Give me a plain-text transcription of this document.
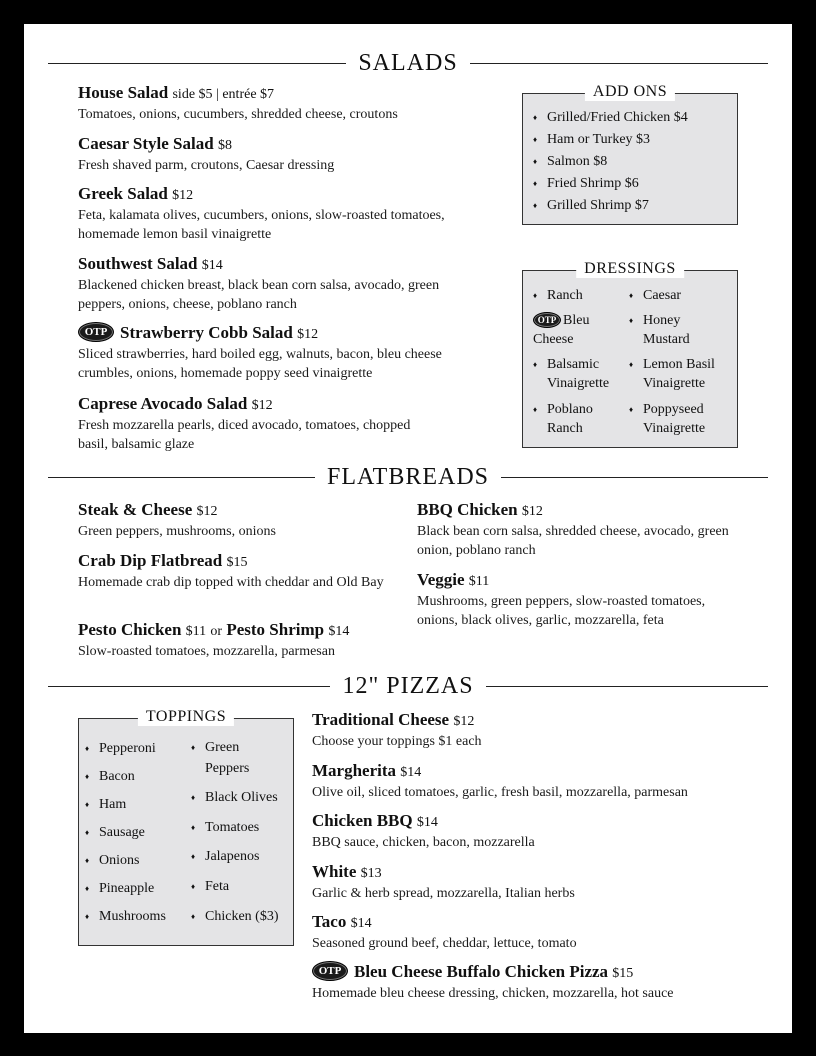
SALADS
House Salad side $5 | entrée $7
Tomatoes, onions, cucumbers, shredded cheese, croutons
Caesar Style Salad $8
Fresh shaved parm, croutons, Caesar dressing
Greek Salad $12
Feta, kalamata olives, cucumbers, onions, slow-roasted tomatoes, homemade lemon basil vinaigrette
Southwest Salad $14
Blackened chicken breast, black bean corn salsa, avocado, green peppers, onions, cheese, poblano ranch
OTP Strawberry Cobb Salad $12
Sliced strawberries, hard boiled egg, walnuts, bacon, bleu cheese crumbles, onions, homemade poppy seed vinaigrette
Caprese Avocado Salad $12
Fresh mozzarella pearls, diced avocado, tomatoes, chopped basil, balsamic glaze
ADD ONS
♦ Grilled/Fried Chicken $4
♦ Ham or Turkey $3
♦ Salmon $8
♦ Fried Shrimp $6
♦ Grilled Shrimp $7
DRESSINGS
♦ Ranch
♦	Caesar
OTP Bleu Cheese
♦ Honey Mustard
♦ Balsamic Vinaigrette
♦ Lemon Basil Vinaigrette
♦ Poblano Ranch
♦ Poppyseed Vinaigrette
FLATBREADS
Steak & Cheese $12
Green peppers, mushrooms, onions
Crab Dip Flatbread $15
Homemade crab dip topped with cheddar and Old Bay
Pesto Chicken $11 or Pesto Shrimp $14
Slow-roasted tomatoes, mozzarella, parmesan
BBQ Chicken $12
Black bean corn salsa, shredded cheese, avocado, green onion, poblano ranch
Veggie $11
Mushrooms, green peppers, slow-roasted tomatoes, onions, black olives, garlic, mozzarella, feta
12" PIZZAS
TOPPINGS
♦ Pepperoni
♦ Bacon
♦ Ham
♦ Sausage
♦ Onions
♦ Pineapple
♦ Mushrooms
♦ Green Peppers
♦ Black Olives
♦ Tomatoes
♦ Jalapenos
♦ Feta
♦ Chicken ($3)
Traditional Cheese $12
Choose your toppings $1 each
Margherita $14
Olive oil, sliced tomatoes, garlic, fresh basil, mozzarella, parmesan
Chicken BBQ $14
BBQ sauce, chicken, bacon, mozzarella
White $13
Garlic & herb spread, mozzarella, Italian herbs
Taco $14
Seasoned ground beef, cheddar, lettuce, tomato
OTP Bleu Cheese Buffalo Chicken Pizza $15
Homemade bleu cheese dressing, chicken, mozzarella, hot sauce
